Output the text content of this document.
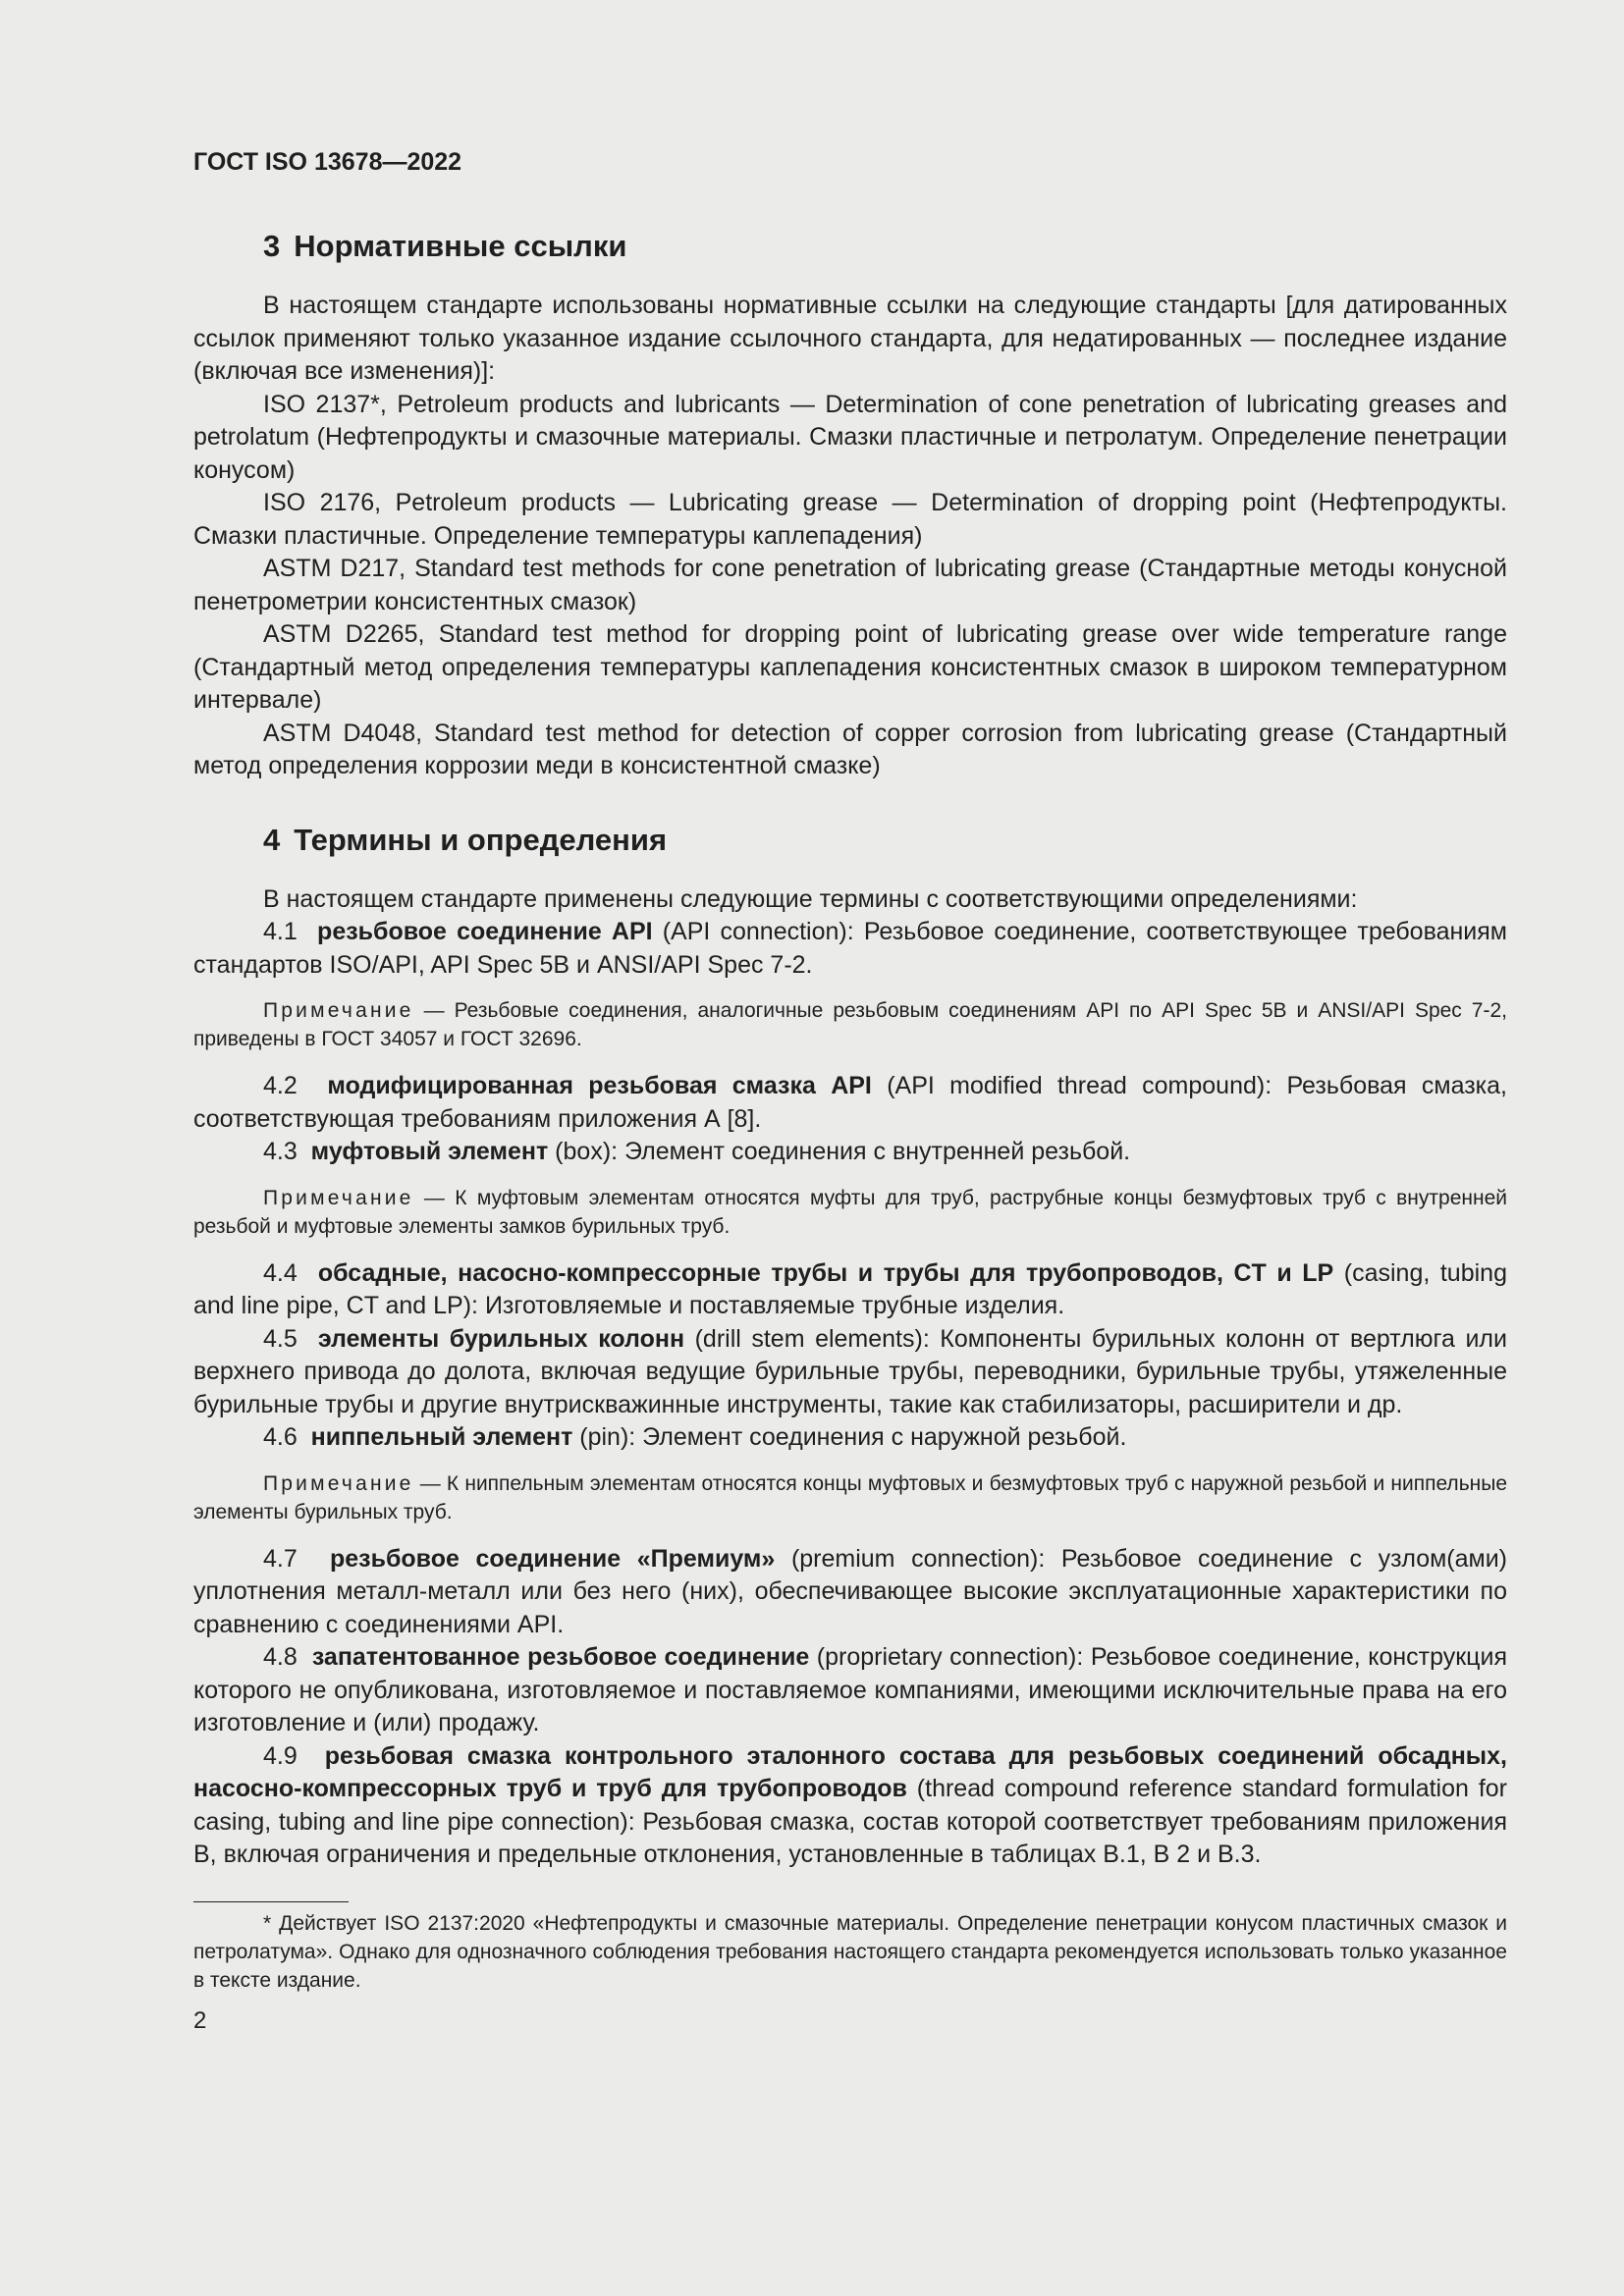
ГОСТ ISO 13678—2022
3 Нормативные ссылки

В настоящем стандарте использованы нормативные ссылки на следующие стандарты [для датированных ссылок применяют только указанное издание ссылочного стандарта, для недатированных — последнее издание (включая все изменения)]:

ISO 2137*, Petroleum products and lubricants — Determination of cone penetration of lubricating greases and petrolatum (Нефтепродукты и смазочные материалы. Смазки пластичные и петролатум. Определение пенетрации конусом)

ISO 2176, Petroleum products — Lubricating grease — Determination of dropping point (Нефтепродукты. Смазки пластичные. Определение температуры каплепадения)

ASTM D217, Standard test methods for cone penetration of lubricating grease (Стандартные методы конусной пенетрометрии консистентных смазок)

ASTM D2265, Standard test method for dropping point of lubricating grease over wide temperature range (Стандартный метод определения температуры каплепадения консистентных смазок в широком температурном интервале)

ASTM D4048, Standard test method for detection of copper corrosion from lubricating grease (Стандартный метод определения коррозии меди в консистентной смазке)

4 Термины и определения

В настоящем стандарте применены следующие термины с соответствующими определениями:

4.1 резьбовое соединение API (API connection): Резьбовое соединение, соответствующее требованиям стандартов ISO/API, API Spec 5B и ANSI/API Spec 7-2.

Примечание — Резьбовые соединения, аналогичные резьбовым соединениям API по API Spec 5B и ANSI/API Spec 7-2, приведены в ГОСТ 34057 и ГОСТ 32696.

4.2 модифицированная резьбовая смазка API (API modified thread compound): Резьбовая смазка, соответствующая требованиям приложения А [8].

4.3 муфтовый элемент (box): Элемент соединения с внутренней резьбой.

Примечание — К муфтовым элементам относятся муфты для труб, раструбные концы безмуфтовых труб с внутренней резьбой и муфтовые элементы замков бурильных труб.

4.4 обсадные, насосно-компрессорные трубы и трубы для трубопроводов, CT и LP (casing, tubing and line pipe, CT and LP): Изготовляемые и поставляемые трубные изделия.

4.5 элементы бурильных колонн (drill stem elements): Компоненты бурильных колонн от вертлюга или верхнего привода до долота, включая ведущие бурильные трубы, переводники, бурильные трубы, утяжеленные бурильные трубы и другие внутрискважинные инструменты, такие как стабилизаторы, расширители и др.

4.6 ниппельный элемент (pin): Элемент соединения с наружной резьбой.

Примечание — К ниппельным элементам относятся концы муфтовых и безмуфтовых труб с наружной резьбой и ниппельные элементы бурильных труб.

4.7 резьбовое соединение «Премиум» (premium connection): Резьбовое соединение с узлом(ами) уплотнения металл-металл или без него (них), обеспечивающее высокие эксплуатационные характеристики по сравнению с соединениями API.

4.8 запатентованное резьбовое соединение (proprietary connection): Резьбовое соединение, конструкция которого не опубликована, изготовляемое и поставляемое компаниями, имеющими исключительные права на его изготовление и (или) продажу.

4.9 резьбовая смазка контрольного эталонного состава для резьбовых соединений обсадных, насосно-компрессорных труб и труб для трубопроводов (thread compound reference standard formulation for casing, tubing and line pipe connection): Резьбовая смазка, состав которой соответствует требованиям приложения B, включая ограничения и предельные отклонения, установленные в таблицах B.1, B 2 и B.3.

* Действует ISO 2137:2020 «Нефтепродукты и смазочные материалы. Определение пенетрации конусом пластичных смазок и петролатума». Однако для однозначного соблюдения требования настоящего стандарта рекомендуется использовать только указанное в тексте издание.

2
